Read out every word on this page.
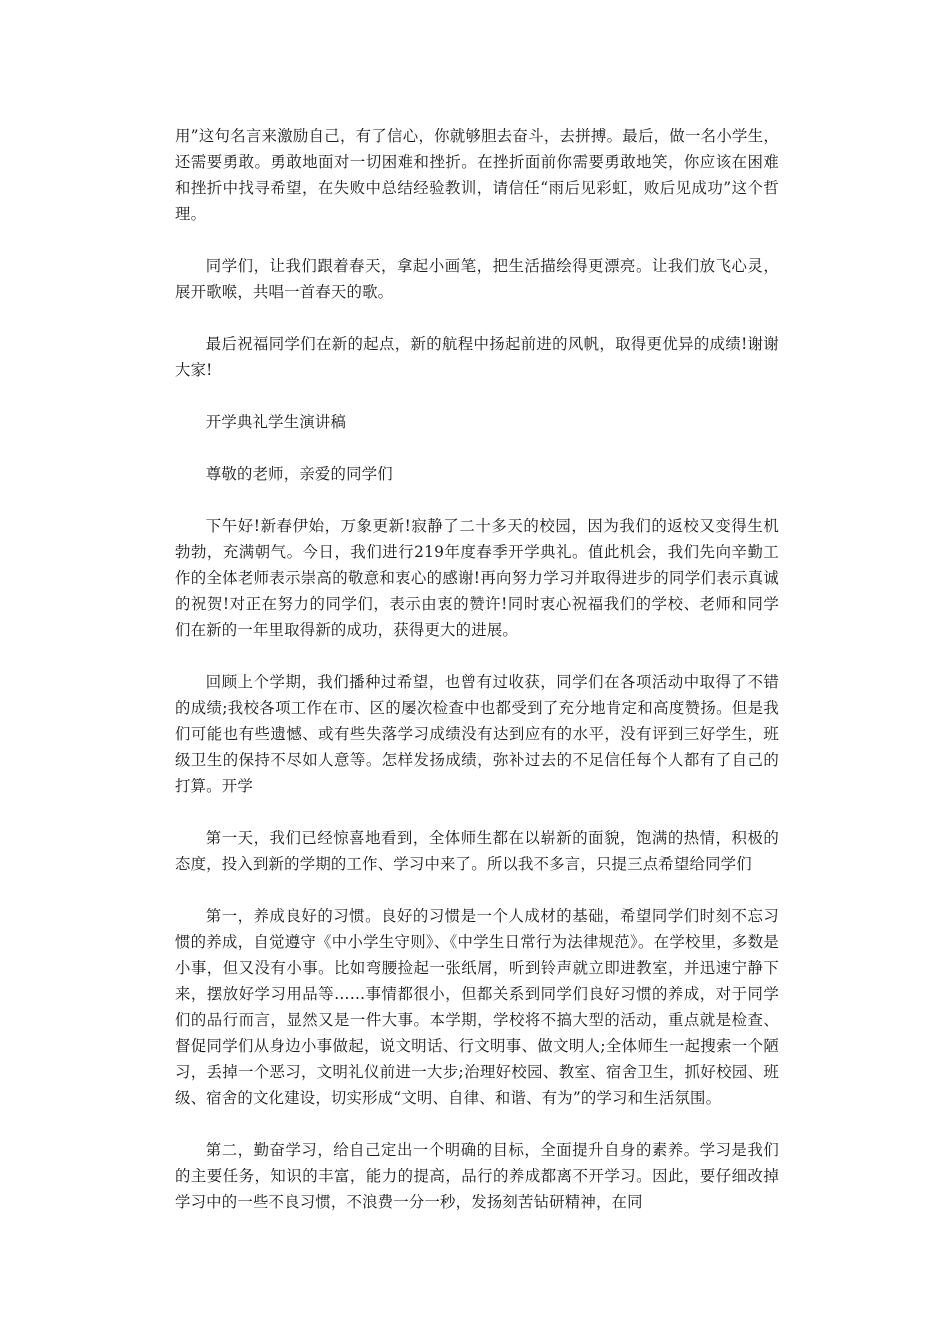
用”这句名言来激励自己，有了信心，你就够胆去奋斗，去拼搏。最后，做一名小学生，还需要勇敢。勇敢地面对一切困难和挫折。在挫折面前你需要勇敢地笑，你应该在困难和挫折中找寻希望，在失败中总结经验教训，请信任“雨后见彩虹，败后见成功”这个哲理。

同学们，让我们跟着春天，拿起小画笔，把生活描绘得更漂亮。让我们放飞心灵，展开歌喉，共唱一首春天的歌。

最后祝福同学们在新的起点，新的航程中扬起前进的风帆，取得更优异的成绩!谢谢大家!

开学典礼学生演讲稿

尊敬的老师，亲爱的同学们

下午好!新春伊始，万象更新!寂静了二十多天的校园，因为我们的返校又变得生机勃勃，充满朝气。今日，我们进行219年度春季开学典礼。值此机会，我们先向辛勤工作的全体老师表示崇高的敬意和衷心的感谢!再向努力学习并取得进步的同学们表示真诚的祝贺!对正在努力的同学们，表示由衷的赞许!同时衷心祝福我们的学校、老师和同学们在新的一年里取得新的成功，获得更大的进展。

回顾上个学期，我们播种过希望，也曾有过收获，同学们在各项活动中取得了不错的成绩;我校各项工作在市、区的屡次检查中也都受到了充分地肯定和高度赞扬。但是我们可能也有些遗憾、或有些失落学习成绩没有达到应有的水平，没有评到三好学生，班级卫生的保持不尽如人意等。怎样发扬成绩，弥补过去的不足信任每个人都有了自己的打算。开学

第一天，我们已经惊喜地看到，全体师生都在以崭新的面貌，饱满的热情，积极的态度，投入到新的学期的工作、学习中来了。所以我不多言，只提三点希望给同学们

第一，养成良好的习惯。良好的习惯是一个人成材的基础，希望同学们时刻不忘习惯的养成，自觉遵守《中小学生守则》、《中学生日常行为法律规范》。在学校里，多数是小事，但又没有小事。比如弯腰捡起一张纸屑，听到铃声就立即进教室，并迅速宁静下来，摆放好学习用品等……事情都很小，但都关系到同学们良好习惯的养成，对于同学们的品行而言，显然又是一件大事。本学期，学校将不搞大型的活动，重点就是检查、督促同学们从身边小事做起，说文明话、行文明事、做文明人;全体师生一起搜索一个陋习，丢掉一个恶习，文明礼仪前进一大步;治理好校园、教室、宿舍卫生，抓好校园、班级、宿舍的文化建设，切实形成“文明、自律、和谐、有为”的学习和生活氛围。

第二，勤奋学习，给自己定出一个明确的目标，全面提升自身的素养。学习是我们的主要任务，知识的丰富，能力的提高，品行的养成都离不开学习。因此，要仔细改掉学习中的一些不良习惯，不浪费一分一秒，发扬刻苦钻研精神，在同
